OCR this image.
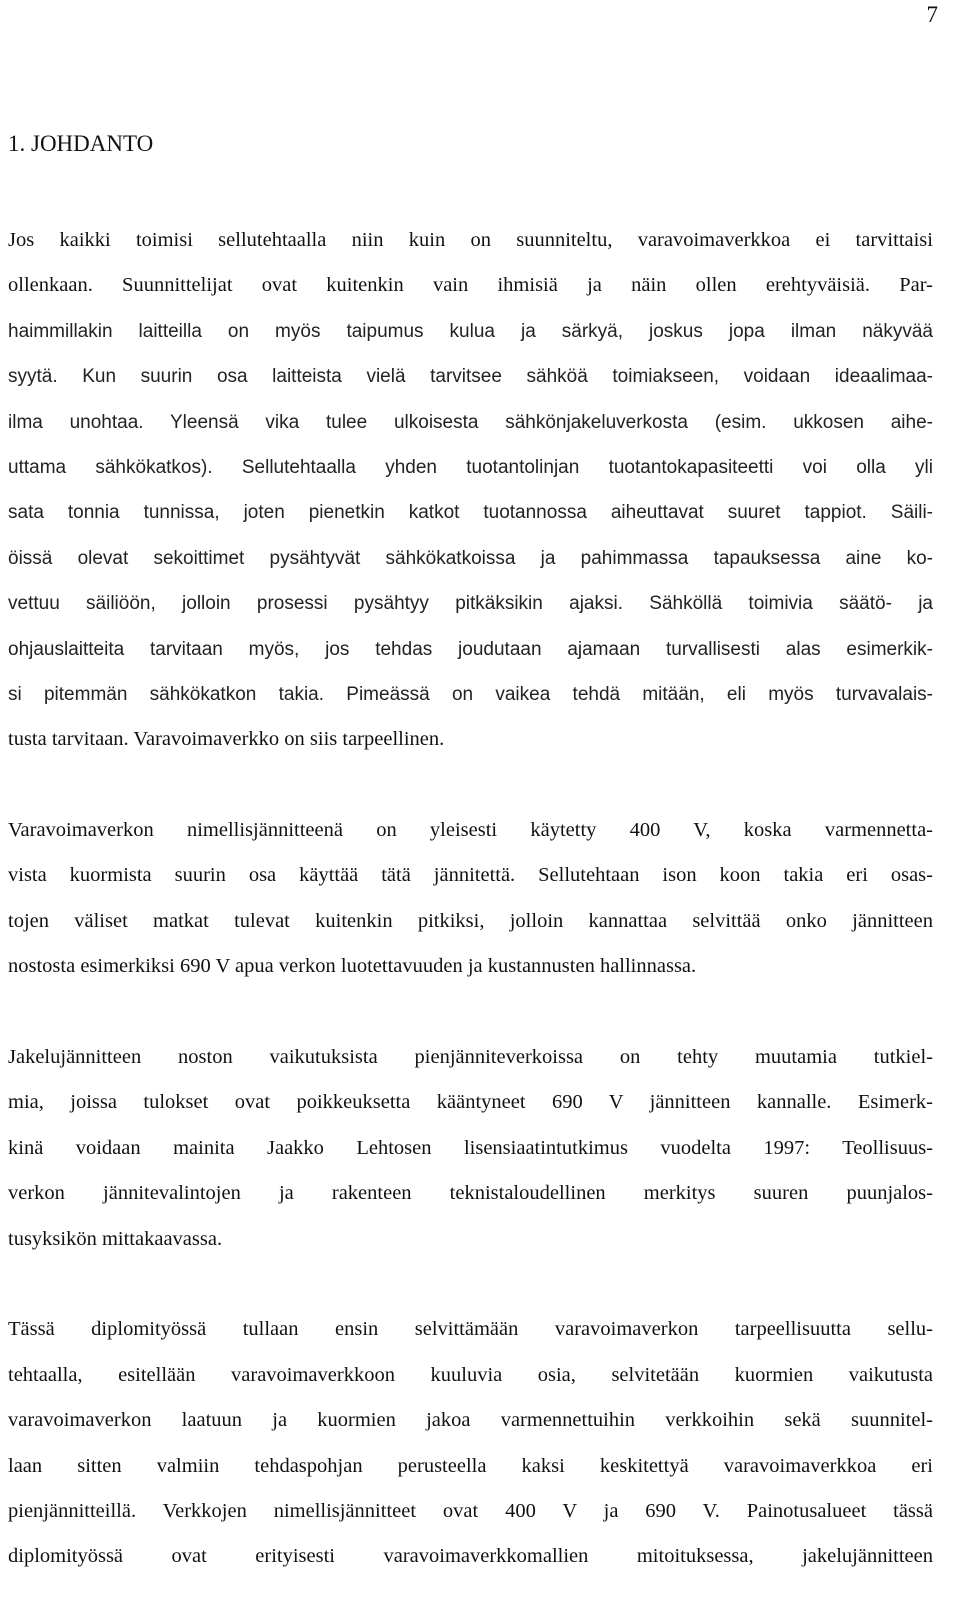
7
1. JOHDANTO
Jos kaikki toimisi sellutehtaalla niin kuin on suunniteltu, varavoimaverkkoa ei tarvittaisi
ollenkaan. Suunnittelijat ovat kuitenkin vain ihmisiä ja näin ollen erehtyväisiä. Par-
haimmillakin laitteilla on myös taipumus kulua ja särkyä, joskus jopa ilman näkyvää
syytä. Kun suurin osa laitteista vielä tarvitsee sähköä toimiakseen, voidaan ideaalimaa-
ilma unohtaa. Yleensä vika tulee ulkoisesta sähkönjakeluverkosta (esim. ukkosen aihe-
uttama sähkökatkos). Sellutehtaalla yhden tuotantolinjan tuotantokapasiteetti voi olla yli
sata tonnia tunnissa, joten pienetkin katkot tuotannossa aiheuttavat suuret tappiot. Säili-
öissä olevat sekoittimet pysähtyvät sähkökatkoissa ja pahimmassa tapauksessa aine ko-
vettuu säiliöön, jolloin prosessi pysähtyy pitkäksikin ajaksi. Sähköllä toimivia säätö- ja
ohjauslaitteita tarvitaan myös, jos tehdas joudutaan ajamaan turvallisesti alas esimerkik-
si pitemmän sähkökatkon takia. Pimeässä on vaikea tehdä mitään, eli myös turvavalais-
tusta tarvitaan. Varavoimaverkko on siis tarpeellinen.
Varavoimaverkon nimellisjännitteenä on yleisesti käytetty 400 V, koska varmennetta-
vista kuormista suurin osa käyttää tätä jännitettä. Sellutehtaan ison koon takia eri osas-
tojen väliset matkat tulevat kuitenkin pitkiksi, jolloin kannattaa selvittää onko jännitteen
nostosta esimerkiksi 690 V apua verkon luotettavuuden ja kustannusten hallinnassa.
Jakelujännitteen noston vaikutuksista pienjänniteverkoissa on tehty muutamia tutkiel-
mia, joissa tulokset ovat poikkeuksetta kääntyneet 690 V jännitteen kannalle. Esimerk-
kinä voidaan mainita Jaakko Lehtosen lisensiaatintutkimus vuodelta 1997: Teollisuus-
verkon jännitevalintojen ja rakenteen teknistaloudellinen merkitys suuren puunjalos-
tusyksikön mittakaavassa.
Tässä diplomityössä tullaan ensin selvittämään varavoimaverkon tarpeellisuutta sellu-
tehtaalla, esitellään varavoimaverkkoon kuuluvia osia, selvitetään kuormien vaikutusta
varavoimaverkon laatuun ja kuormien jakoa varmennettuihin verkkoihin sekä suunnitel-
laan sitten valmiin tehdaspohjan perusteella kaksi keskitettyä varavoimaverkkoa eri
pienjännitteillä. Verkkojen nimellisjännitteet ovat 400 V ja 690 V. Painotusalueet tässä
diplomityössä ovat erityisesti varavoimaverkkomallien mitoituksessa, jakelujännitteen
